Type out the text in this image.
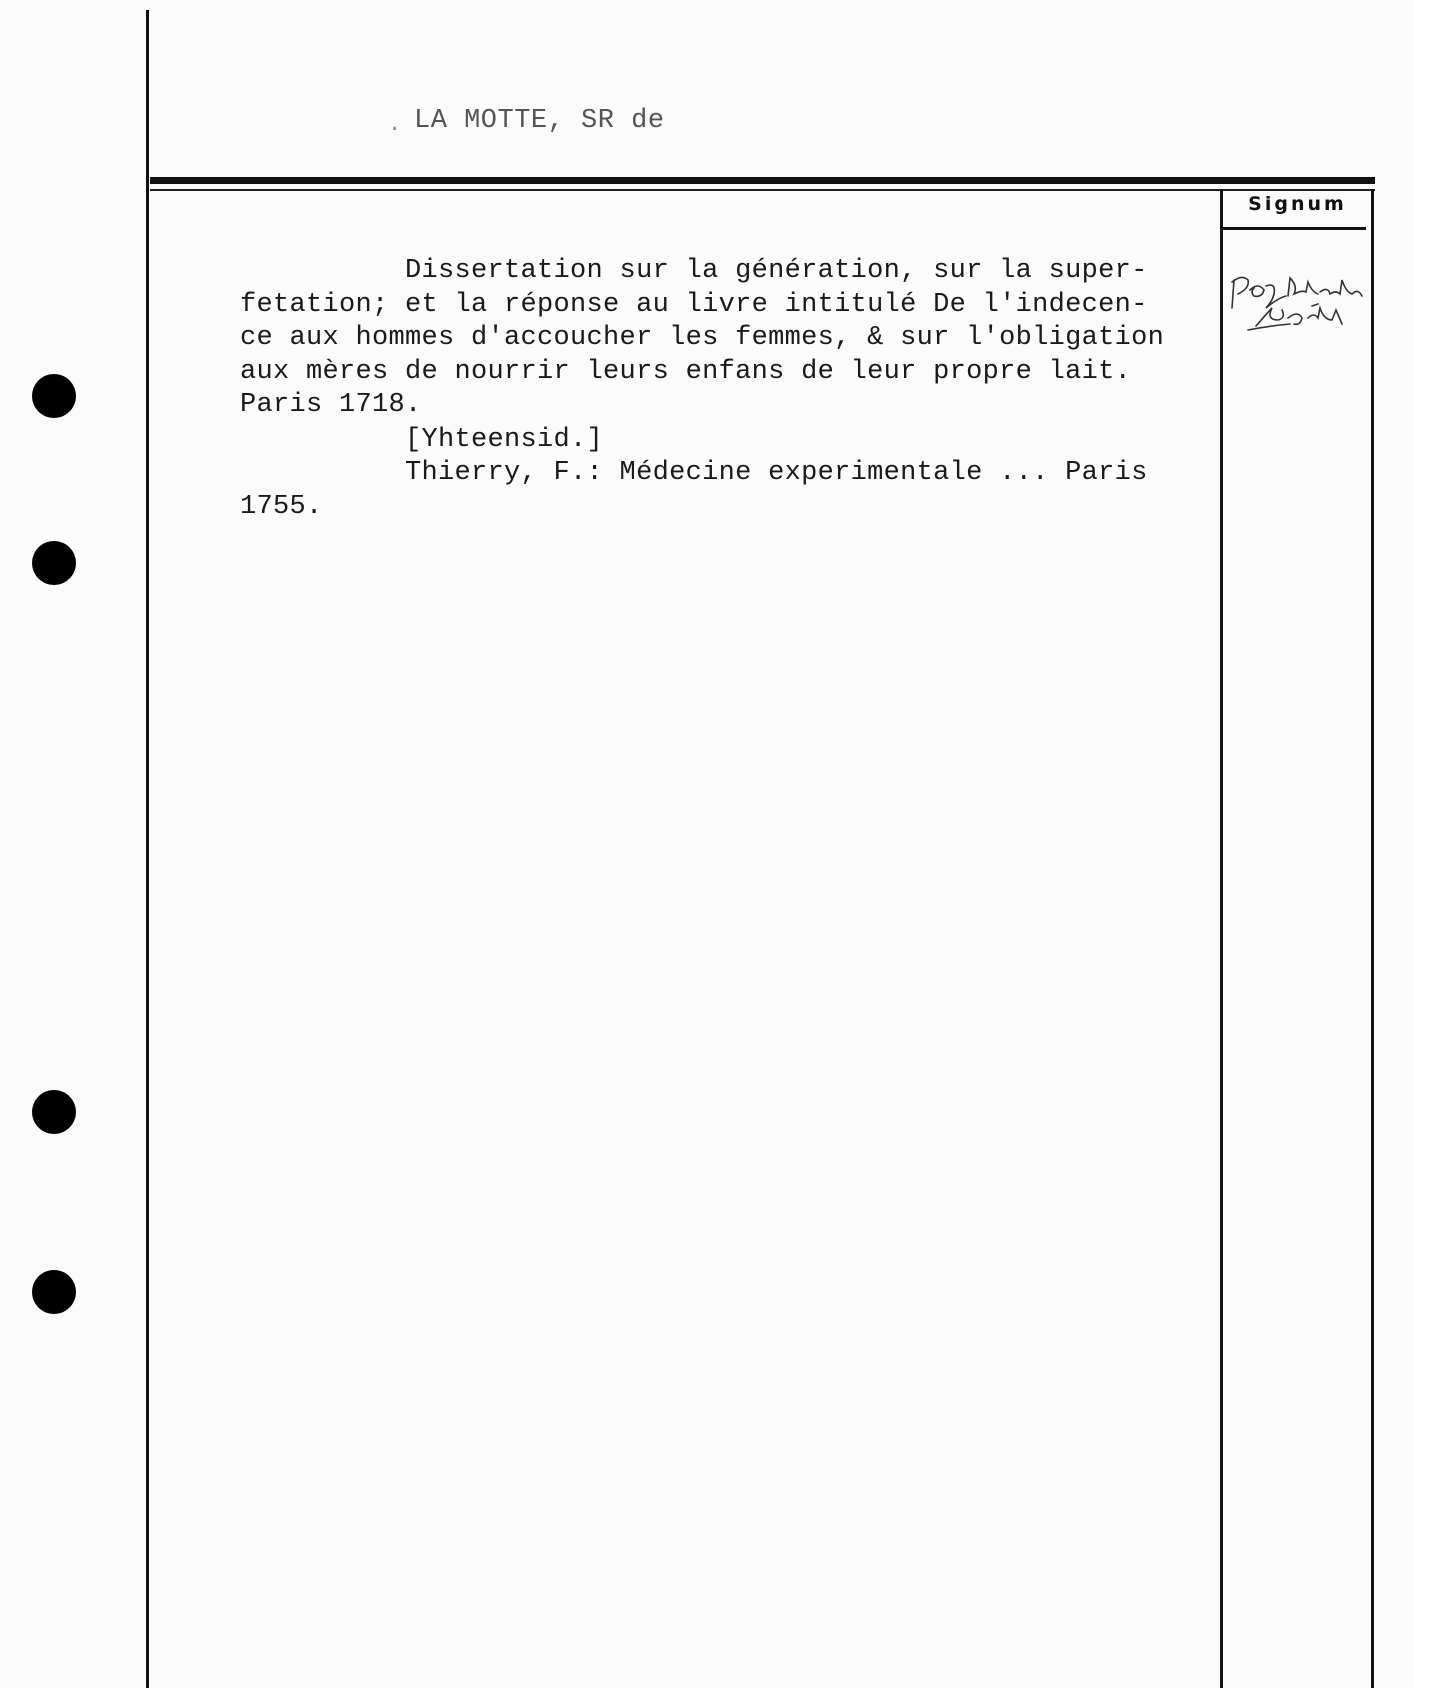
. LA MOTTE, SR de
Signum
Dissertation sur la génération, sur la super-
fetation; et la réponse au livre intitulé De l'indecen-
ce aux hommes d'accoucher les femmes, & sur l'obligation
aux mères de nourrir leurs enfans de leur propre lait.
Paris 1718.
[Yhteensid.]
Thierry, F.: Médecine experimentale ... Paris
1755.
